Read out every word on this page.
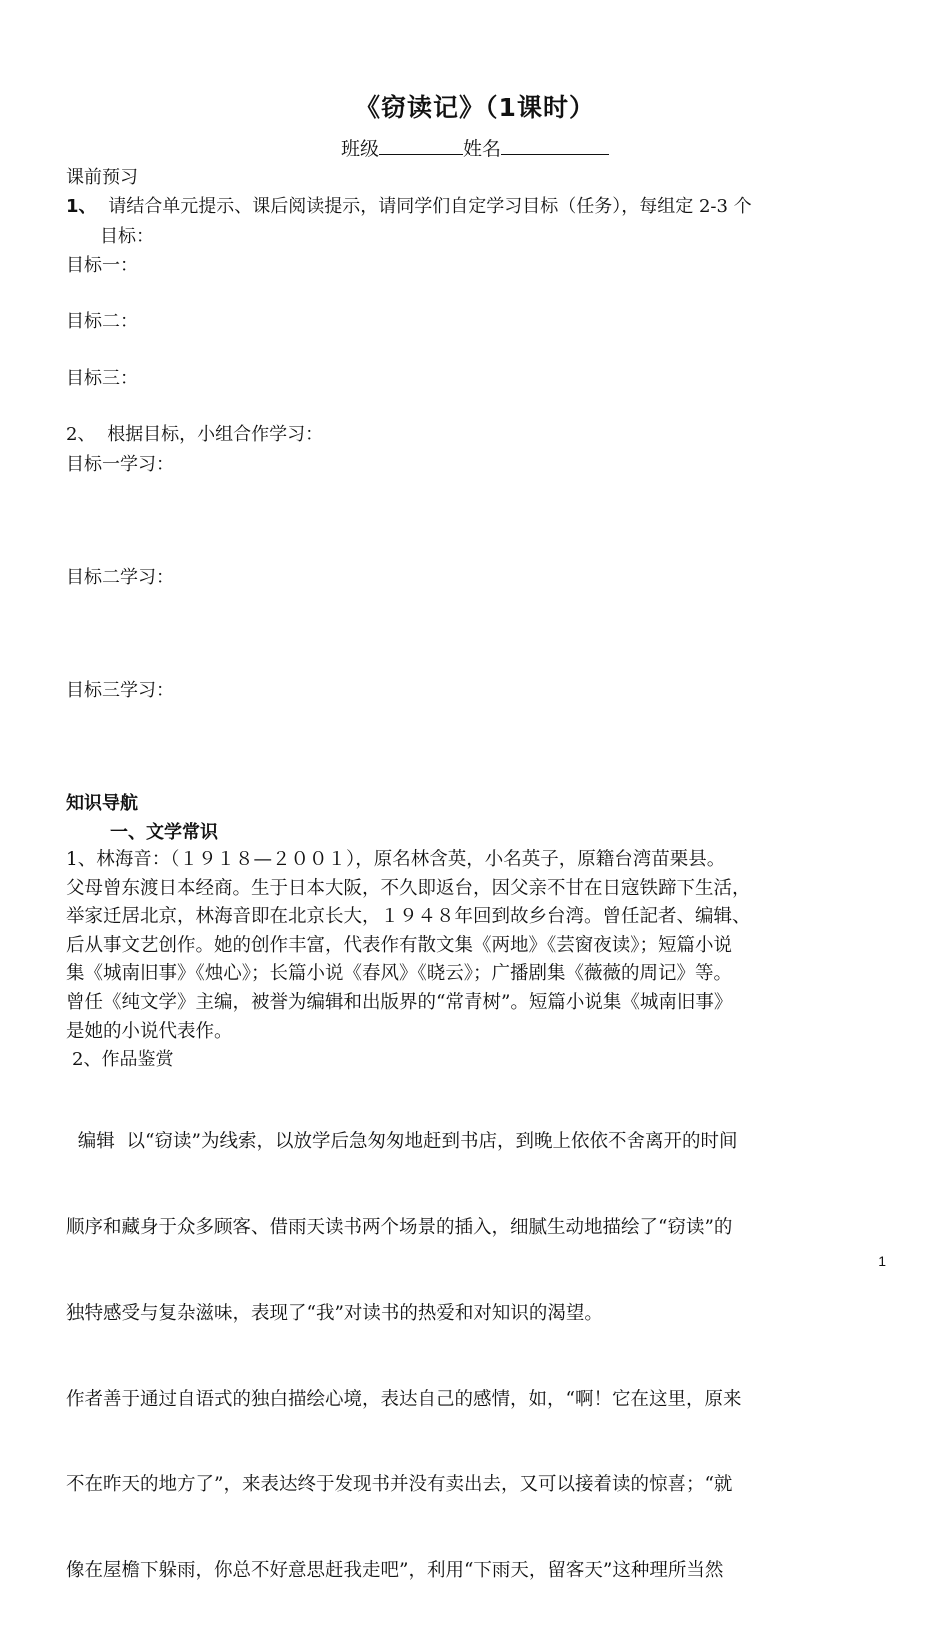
《窃读记》（1课时）
班级	姓名
课前预习
1、 请结合单元提示、课后阅读提示，请同学们自定学习目标（任务），每组定 2-3 个
目标：
目标一：
目标二：
目标三：
2、 根据目标，小组合作学习：
目标一学习：
目标二学习：
目标三学习：
知识导航
一、文学常识
1、林海音：（１９１８—２００１），原名林含英，小名英子，原籍台湾苗栗县。
父母曾东渡日本经商。生于日本大阪，不久即返台，因父亲不甘在日寇铁蹄下生活，
举家迁居北京，林海音即在北京长大，１９４８年回到故乡台湾。曾任記者、编辑、
后从事文艺创作。她的创作丰富，代表作有散文集《两地》《芸窗夜读》；短篇小说
集《城南旧事》《烛心》；长篇小说《春风》《晓云》；广播剧集《薇薇的周记》等。
曾任《纯文学》主编，被誉为编辑和出版界的“常青树”。短篇小说集《城南旧事》
是她的小说代表作。
2、作品鉴赏

编辑  以“窃读”为线索，以放学后急匆匆地赶到书店，到晚上依依不舍离开的时间

顺序和藏身于众多顾客、借雨天读书两个场景的插入，细腻生动地描绘了“窃读”的

独特感受与复杂滋味，表现了“我”对读书的热爱和对知识的渴望。

作者善于通过自语式的独白描绘心境，表达自己的感情，如，“啊！它在这里，原来

不在昨天的地方了”，来表达终于发现书并没有卖出去，又可以接着读的惊喜；“就

像在屋檐下躲雨，你总不好意思赶我走吧”，利用“下雨天，留客天”这种理所当然

1
